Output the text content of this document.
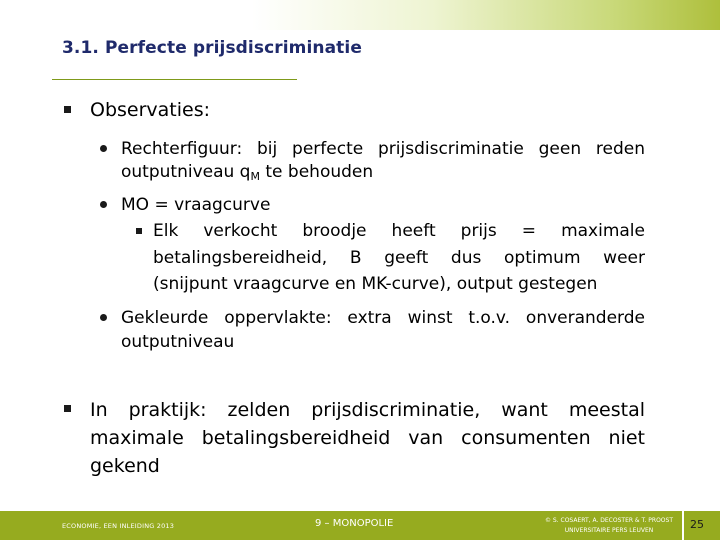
3.1. Perfecte prijsdiscriminatie
Observaties:
Rechterfiguur: bij perfecte prijsdiscriminatie geen reden
outputniveau $q_M$ te behouden
MO = vraagcurve
Elk verkocht broodje heeft prijs = maximale
betalingsbereidheid, B geeft dus optimum weer
(snijpunt vraagcurve en MK-curve), output gestegen
Gekleurde oppervlakte: extra winst t.o.v. onveranderde
outputniveau
In praktijk: zelden prijsdiscriminatie, want meestal
maximale betalingsbereidheid van consumenten niet
gekend
ECONOMIE, EEN INLEIDING 2013	9 – MONOPOLIE	© S. COSAERT, A. DECOSTER & T. PROOST
UNIVERSITAIRE PERS LEUVEN	25
